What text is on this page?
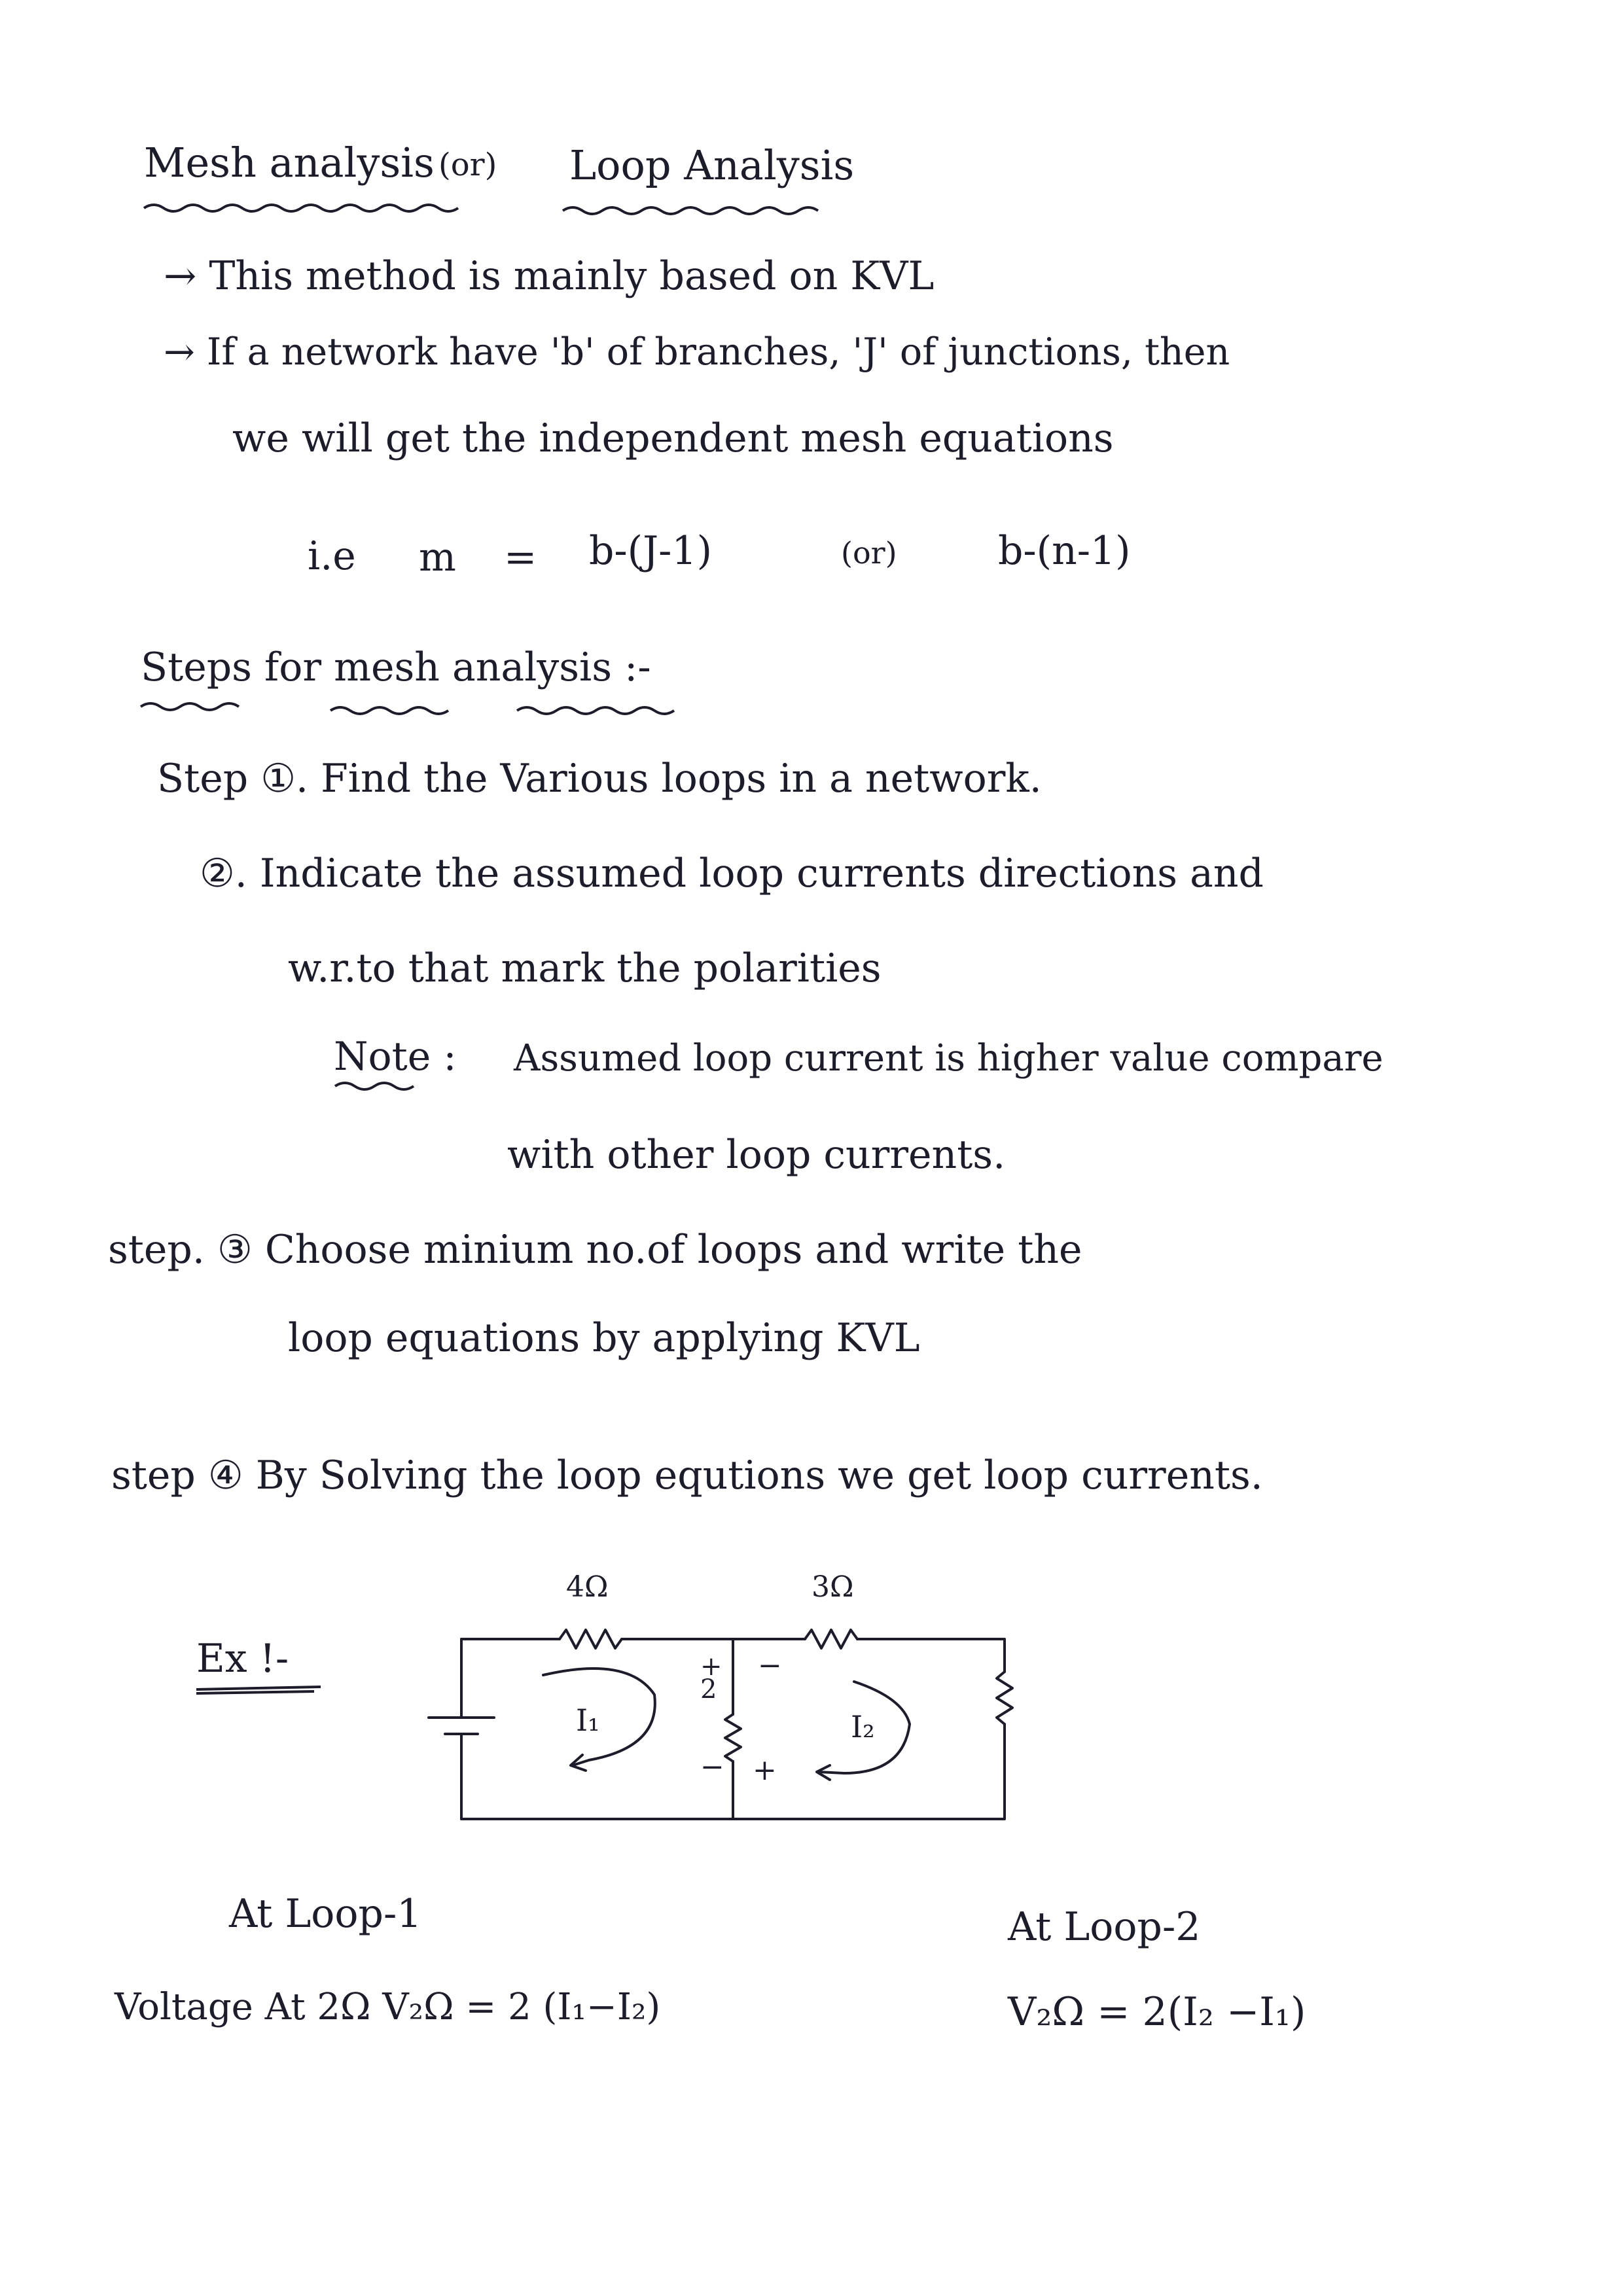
Mesh analysis (or) Loop Analysis
→ This method is mainly based on KVL
→ If a network have 'b' of branches, 'J' of junctions, then
we will get the independent mesh equations
i.e m = b-(J-1)	(or)	b-(n-1)
Steps for mesh analysis :-
Step ①. Find the Various loops in a network.
②. Indicate the assumed loop currents directions and
w.r.to that mark the polarities
Note : Assumed loop current is higher value compare
with other loop currents.
step. ③ Choose minium no.of loops and write the
loop equations by applying KVL
step ④ By Solving the loop equtions we get loop currents.
Ex !-
4Ω	3Ω
2
+
−
−
+
I₁	I₂
At Loop-1
Voltage At 2Ω V₂Ω = 2 (I₁−I₂)
At Loop-2
V₂Ω = 2(I₂ −I₁)
